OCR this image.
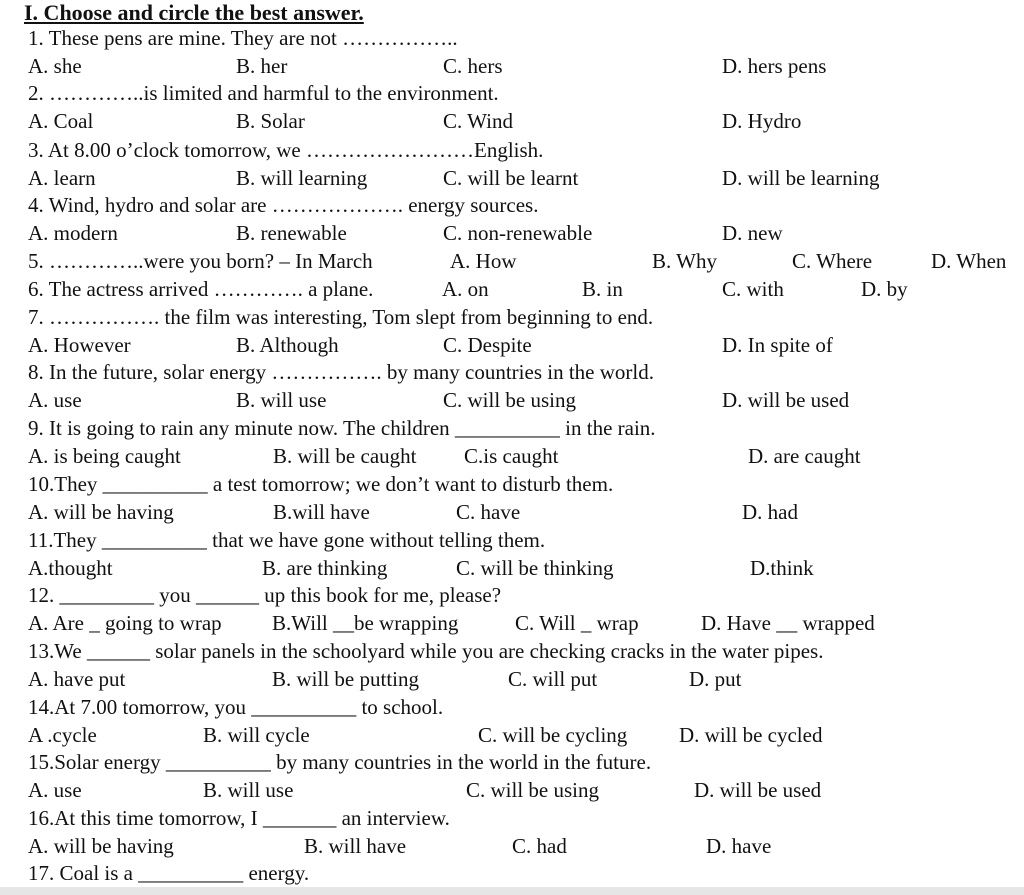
I. Choose and circle the best answer.
1. These pens are mine. They are not ……………..
A. she	B. her	C. hers	D. hers pens
2. …………..is limited and harmful to the environment.
A. Coal	B. Solar	C. Wind	D. Hydro
3. At 8.00 o’clock tomorrow, we ……………………English.
A. learn	B. will learning	C. will be learnt	D. will be learning
4. Wind, hydro and solar are ………………. energy sources.
A. modern	B. renewable	C. non-renewable	D. new
5. …………..were you born? – In March	A. How	B. Why	C. Where	D. When
6. The actress arrived …………. a plane.	A. on	B. in	C. with	D. by
7. ……………. the film was interesting, Tom slept from beginning to end.
A. However	B. Although	C. Despite	D. In spite of
8. In the future, solar energy ……………. by many countries in the world.
A. use	B. will use	C. will be using	D. will be used
9. It is going to rain any minute now. The children __________ in the rain.
A. is being caught	B. will be caught C.is caught	D. are caught
10.They __________ a test tomorrow; we don’t want to disturb them.
A. will be having	B.will have	C. have	D. had
11.They __________ that we have gone without telling them.
A.thought	B. are thinking	C. will be thinking	D.think
12. _________ you ______ up this book for me, please?
A. Are _ going to wrap B.Will __be wrapping	C. Will _ wrap	D. Have __ wrapped
13.We ______ solar panels in the schoolyard while you are checking cracks in the water pipes.
A. have put	B. will be putting	C. will put	D. put
14.At 7.00 tomorrow, you __________ to school.
A .cycle	B. will cycle	C. will be cycling D. will be cycled
15.Solar energy __________ by many countries in the world in the future.
A. use	B. will use	C. will be using	D. will be used
16.At this time tomorrow, I _______ an interview.
A. will be having	B. will have	C. had	D. have
17. Coal is a __________ energy.
